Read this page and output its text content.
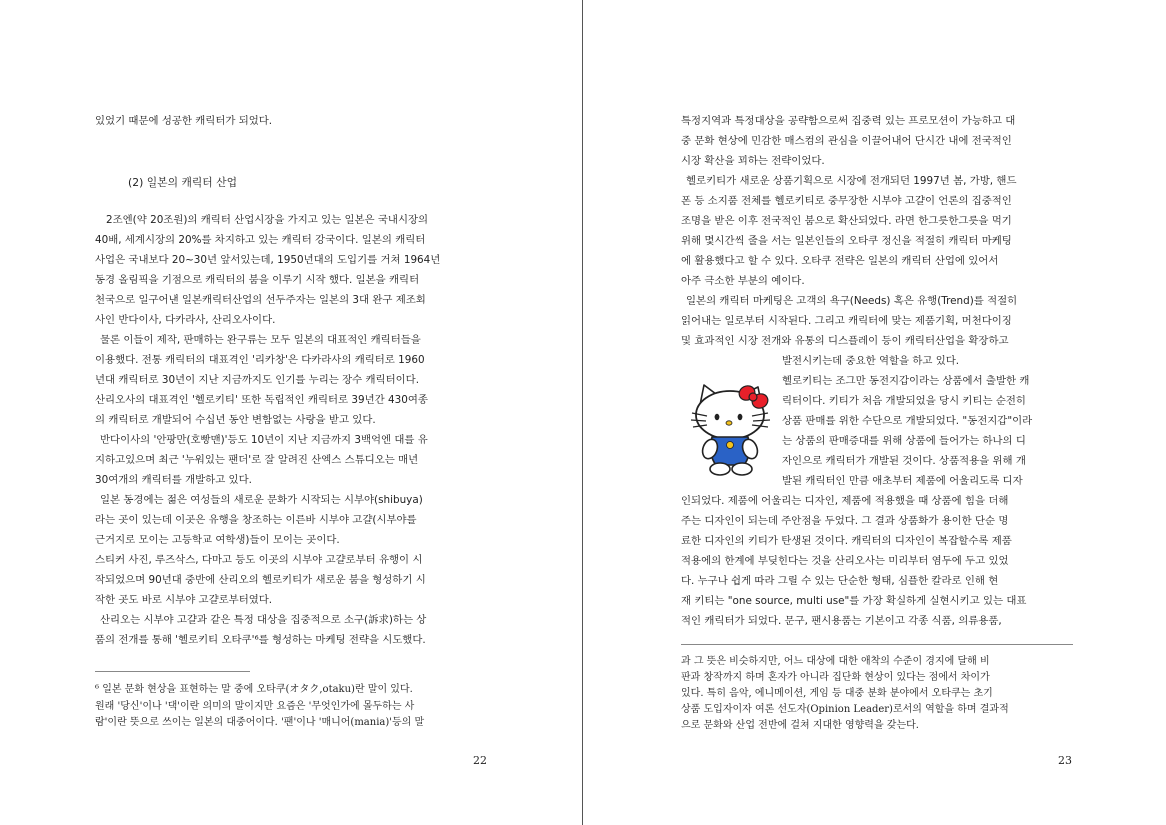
있었기 때문에 성공한 캐릭터가 되었다.
(2) 일본의 캐릭터 산업
2조엔(약 20조원)의 캐릭터 산업시장을 가지고 있는 일본은 국내시장의
40배, 세계시장의 20%를 차지하고 있는 캐릭터 강국이다. 일본의 캐릭터
사업은 국내보다 20~30년 앞서있는데, 1950년대의 도입기를 거쳐 1964년
동경 올림픽을 기점으로 캐릭터의 붐을 이루기 시작 했다. 일본을 캐릭터
천국으로 일구어낸 일본캐릭터산업의 선두주자는 일본의 3대 완구 제조회
사인 반다이사, 다카라사, 산리오사이다.
물론 이들이 제작, 판매하는 완구류는 모두 일본의 대표적인 캐릭터들을
이용했다. 전통 캐릭터의 대표격인 '리카창'은 다카라사의 캐릭터로 1960
년대 캐릭터로 30년이 지난 지금까지도 인기를 누리는 장수 캐릭터이다.
산리오사의 대표격인 '헬로키티' 또한 독립적인 캐릭터로 39년간 430여종
의 캐릭터로 개발되어 수십년 동안 변함없는 사랑을 받고 있다.
반다이사의 '안팡만(호빵맨)'등도 10년이 지난 지금까지 3백억엔 대를 유
지하고있으며 최근 '누워있는 팬더'로 잘 알려진 산엑스 스튜디오는 매년
30여개의 캐릭터를 개발하고 있다.
일본 동경에는 젊은 여성들의 새로운 문화가 시작되는 시부야(shibuya)
라는 곳이 있는데 이곳은 유행을 창조하는 이른바 시부야 고걀(시부야를
근거지로 모이는 고등학교 여학생)들이 모이는 곳이다.
스티커 사진, 루즈삭스, 다마고 등도 이곳의 시부야 고걀로부터 유행이 시
작되었으며 90년대 중반에 산리오의 헬로키티가 새로운 붐을 형성하기 시
작한 곳도 바로 시부야 고걀로부터였다.
산리오는 시부야 고걀과 같은 특정 대상을 집중적으로 소구(訴求)하는 상
품의 전개를 통해 '헬로키티 오타쿠'⁶를 형성하는 마케팅 전략을 시도했다.
⁶ 일본 문화 현상을 표현하는 말 중에 오타쿠(オタク,otaku)란 말이 있다.
원래 '당신'이나 '댁'이란 의미의 말이지만 요즘은 '무엇인가에 몰두하는 사
람'이란 뜻으로 쓰이는 일본의 대중어이다. '팬'이나 '매니어(mania)'등의 말
22
특정지역과 특정대상을 공략함으로써 집중력 있는 프로모션이 가능하고 대
중 문화 현상에 민감한 매스컴의 관심을 이끌어내어 단시간 내에 전국적인
시장 확산을 꾀하는 전략이었다.
헬로키티가 새로운 상품기획으로 시장에 전개되던 1997년 봄, 가방, 핸드
폰 등 소지품 전체를 헬로키티로 중무장한 시부야 고걀이 언론의 집중적인
조명을 받은 이후 전국적인 붐으로 확산되었다. 라면 한그릇한그릇을 먹기
위해 몇시간씩 줄을 서는 일본인들의 오타쿠 정신을 적절히 캐릭터 마케팅
에 활용했다고 할 수 있다. 오타쿠 전략은 일본의 캐릭터 산업에 있어서
아주 극소한 부분의 예이다.
일본의 캐릭터 마케팅은 고객의 욕구(Needs) 혹은 유행(Trend)를 적절히
읽어내는 일로부터 시작된다. 그리고 캐릭터에 맞는 제품기획, 머천다이징
및 효과적인 시장 전개와 유통의 디스플레이 등이 캐릭터산업을 확장하고
발전시키는데 중요한 역할을 하고 있다.
헬로키티는 조그만 동전지갑이라는 상품에서 출발한 캐
릭터이다. 키티가 처음 개발되었을 당시 키티는 순전히
상품 판매를 위한 수단으로 개발되었다. "동전지갑"이라
는 상품의 판매증대를 위해 상품에 들어가는 하나의 디
자인으로 캐릭터가 개발된 것이다. 상품적용을 위해 개
발된 캐릭터인 만큼 애초부터 제품에 어울리도록 디자
인되었다. 제품에 어울리는 디자인, 제품에 적용했을 때 상품에 힘을 더해
주는 디자인이 되는데 주안점을 두었다. 그 결과 상품화가 용이한 단순 명
료한 디자인의 키티가 탄생된 것이다. 캐릭터의 디자인이 복잡할수록 제품
적용에의 한계에 부딪힌다는 것을 산리오사는 미리부터 염두에 두고 있었
다. 누구나 쉽게 따라 그릴 수 있는 단순한 형태, 심플한 칼라로 인해 현
재 키티는 "one source, multi use"를 가장 확실하게 실현시키고 있는 대표
적인 캐릭터가 되었다. 문구, 팬시용품는 기본이고 각종 식품, 의류용품,
과 그 뜻은 비슷하지만, 어느 대상에 대한 애착의 수준이 경지에 달해 비
판과 창작까지 하며 혼자가 아니라 집단화 현상이 있다는 점에서 차이가
있다. 특히 음악, 에니메이션, 게임 등 대중 분화 분야에서 오타쿠는 초기
상품 도입자이자 여론 선도자(Opinion Leader)로서의 역할을 하며 결과적
으로 문화와 산업 전반에 걸쳐 지대한 영향력을 갖는다.
23
